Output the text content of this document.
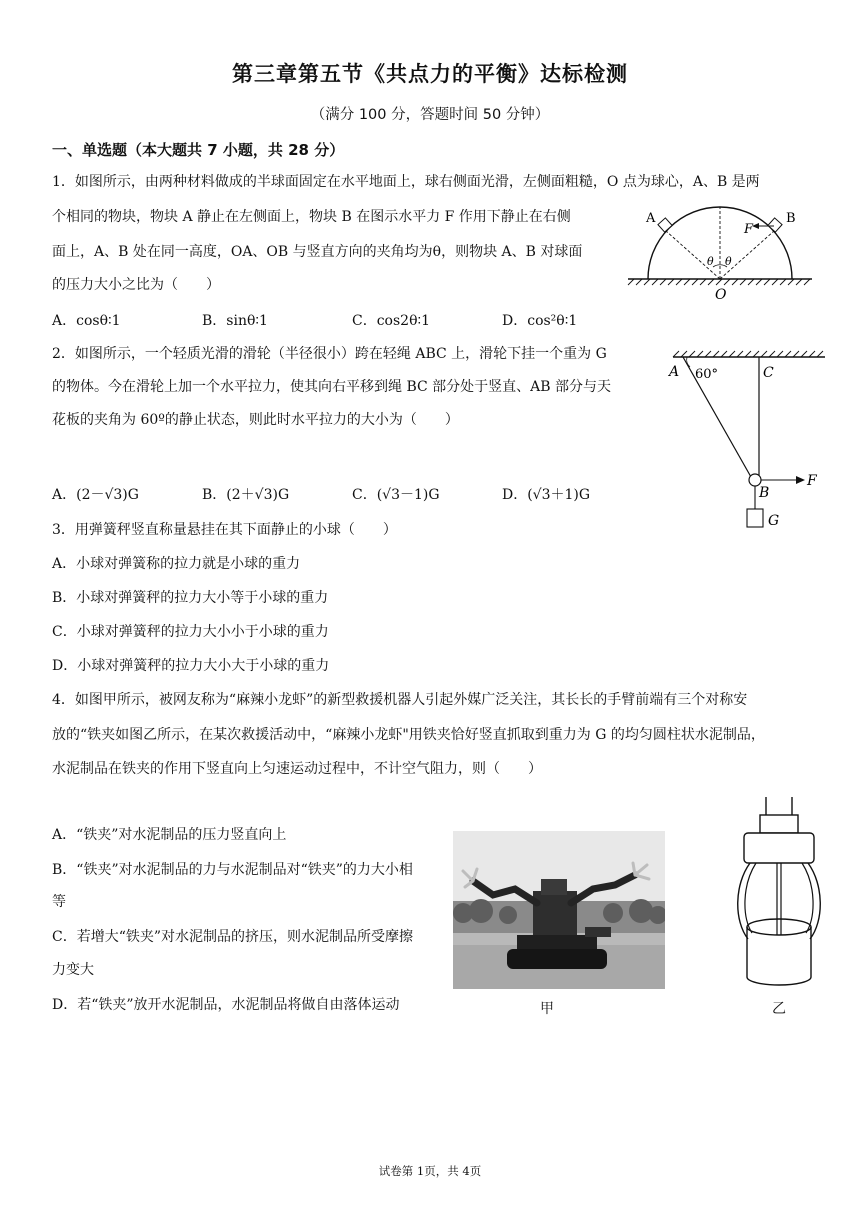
第三章第五节《共点力的平衡》达标检测
（满分 100 分，答题时间 50 分钟）
一、单选题（本大题共 7 小题，共 28 分）
1．如图所示，由两种材料做成的半球面固定在水平地面上，球右侧面光滑，左侧面粗糙，O 点为球心，A、B 是两
个相同的物块，物块 A 静止在左侧面上，物块 B 在图示水平力 F 作用下静止在右侧
面上，A、B 处在同一高度，OA、OB 与竖直方向的夹角均为θ，则物块 A、B 对球面
的压力大小之比为（　　）
A．cosθ∶1	B．sinθ∶1	C．cos2θ∶1	D．cos²θ∶1
A	B
F
θ θ
O
2．如图所示，一个轻质光滑的滑轮（半径很小）跨在轻绳 ABC 上，滑轮下挂一个重为 G
的物体。今在滑轮上加一个水平拉力，使其向右平移到绳 BC 部分处于竖直、AB 部分与天
花板的夹角为 60º的静止状态，则此时水平拉力的大小为（　　）
A．(2－√3)G	B．(2＋√3)G	C．(√3－1)G	D．(√3＋1)G
A 60°	C
B
F
G
3．用弹簧秤竖直称量悬挂在其下面静止的小球（　　）
A．小球对弹簧称的拉力就是小球的重力
B．小球对弹簧秤的拉力大小等于小球的重力
C．小球对弹簧秤的拉力大小小于小球的重力
D．小球对弹簧秤的拉力大小大于小球的重力
4．如图甲所示，被网友称为“麻辣小龙虾”的新型救援机器人引起外媒广泛关注，其长长的手臂前端有三个对称安
放的“铁夹如图乙所示，在某次救援活动中，“麻辣小龙虾"用铁夹恰好竖直抓取到重力为 G 的均匀圆柱状水泥制品，
水泥制品在铁夹的作用下竖直向上匀速运动过程中，不计空气阻力，则（　　）
A．“铁夹”对水泥制品的压力竖直向上
B．“铁夹”对水泥制品的力与水泥制品对“铁夹”的力大小相
等
C．若增大“铁夹”对水泥制品的挤压，则水泥制品所受摩擦
力变大
D．若“铁夹”放开水泥制品，水泥制品将做自由落体运动	甲	乙
试卷第 1页，共 4页
